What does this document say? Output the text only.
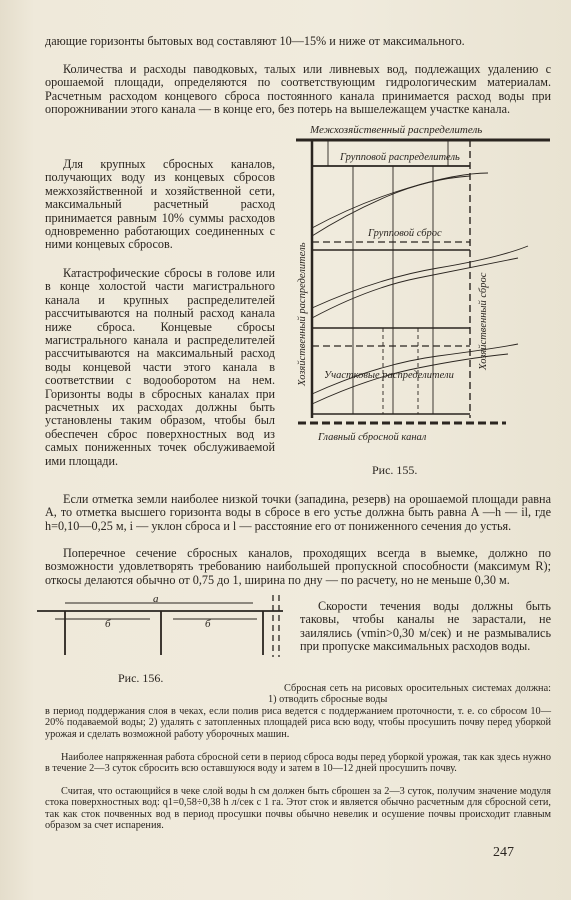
дающие горизонты бытовых вод составляют 10—15% и ниже от максимального.

Количества и расходы паводковых, талых или ливневых вод, подлежащих удалению с орошаемой площади, определяются по соответствующим гидрологическим материалам. Расчетным расходом концевого сброса постоянного канала принимается расход воды при опорожнивании этого канала — в конце его, без потерь на вышележащем участке канала.

Для крупных сбросных каналов, получающих воду из концевых сбросов межхозяйственной и хозяйственной сети, максимальный расчетный расход принимается равным 10% суммы расходов одновременно работающих соединенных с ними концевых сбросов.

Катастрофические сбросы в голове или в конце холостой части магистрального канала и крупных распределителей рассчитываются на полный расход канала ниже сброса. Концевые сбросы магистрального канала и распределителей рассчитываются на максимальный расход воды концевой части этого канала в соответствии с водооборотом на нем. Горизонты воды в сбросных каналах при расчетных их расходах должны быть установлены таким образом, чтобы был обеспечен сброс поверхностных вод из самых пониженных точек обслуживаемой ими площади.

Если отметка земли наиболее низкой точки (западина, резерв) на орошаемой площади равна A, то отметка высшего горизонта воды в сбросе в его устье должна быть равна A —h — il, где h=0,10—0,25 м, i — уклон сброса и l — расстояние его от пониженного сечения до устья.

Поперечное сечение сбросных каналов, проходящих всегда в выемке, должно по возможности удовлетворять требованию наибольшей пропускной способности (максимум R); откосы делаются обычно от 0,75 до 1, ширина по дну — по расчету, но не меньше 0,30 м.

Скорости течения воды должны быть таковы, чтобы каналы не зарастали, не заилялись (vmin>0,30 м/сек) и не размывались при пропуске максимальных расходов воды.

Межхозяйственный распределитель
Групповой распределитель
Групповой сброс
Участковые распределители
Главный сбросной канал
Хозяйственный распределитель	Хозяйственный сброс
Рис. 155.
а
б	б
Рис. 156.

Сбросная сеть на рисовых оросительных системах должна: 1) отводить сбросные воды

в период поддержания слоя в чеках, если полив риса ведется с поддержанием проточности, т. е. со сбросом 10—20% подаваемой воды; 2) удалять с затопленных площадей риса всю воду, чтобы просушить почву перед уборкой урожая и сделать возможной работу уборочных машин.

Наиболее напряженная работа сбросной сети в период сброса воды перед уборкой урожая, так как здесь нужно в течение 2—3 суток сбросить всю оставшуюся воду и затем в 10—12 дней просушить почву.

Считая, что остающийся в чеке слой воды h см должен быть сброшен за 2—3 суток, получим значение модуля стока поверхностных вод: q1=0,58÷0,38 h л/сек с 1 га. Этот сток и является обычно расчетным для сбросной сети, так как сток почвенных вод в период просушки почвы обычно невелик и осушение почвы происходит главным образом за счет испарения.

247
